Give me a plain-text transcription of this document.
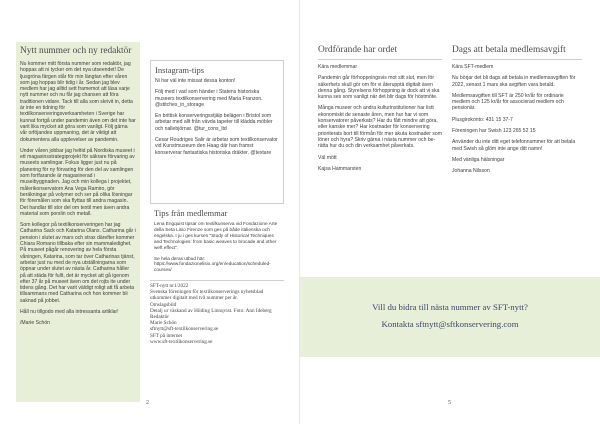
Nytt nummer och ny redaktör

Nu kommer mitt första nummer som redaktör, jag hoppas att ni tycker om det nya utseendet! De ljusgröna färgen står för min längtan efter våren som jag hoppas blir tidig i år. Sedan jag blev medlem har jag alltid sett framemot att läsa varje nytt nummer och nu får jag chansen att föra traditionen vidare. Tack till alla som skrivit in, detta är inte en tidning för textilkonserveringsverksamheten i Sverige har kunnat fortgå under pandemin även om det inte har varit lika mycket att göra som vanligt. Följ gärna vår orföjandes uppmaning, det är viktigt att dokumentera alla upplevelser av pandemin.

Under våren jobbar jag heltid på Nordiska museet i ett magasinsstrategiprojekt för säkrare förvaring av museets samlingar. Fokus ligger just nu på planering för ny förvaring för den del av samlingen som fortfarande är magasinerad i museibyggnaden. Jag och min kollega i projektet, målerikonservatorn Ana Vega Ramiro, gör beräkningar på volymer och ser på olika lösningar för föremålen som ska flyttas till andra magasin. Det handlar till stor del om textil men även andra material som porslin och metall.

Som kollegor på textilkonserveringen har jag Catharina Sack och Katarina Olans. Catharina går i pension i slutet av mars och strax därefter kommer Chiara Romano tillbaka efter sin mammaledighet. På museet pågår renovering av hela första våningen, Katarina, som tar över Catharinas tjänst, arbetar just nu med de nya utställningarna som öppnar under slutet av nästa år. Catharina håller på att städa för fullt, det är mycket att gå igenom efter 37 år på museet även om det rojts ite under tidens gång. Det har varit väldigt roligt att få arbeta tillsammans med Catharina och hon kommer bli saknad på jobbet.

Håll nu tillgodo med alla intressanta artiklar!

/Marie Schön

Instagram-tips

Ni har väl inte missat dessa konton!

Följ med i vad som händer i Statens historiska museers textilkonservering med Maria Franzon. @stitches_in_storage

En brittisk konserveringsstjälp belägen i Bristol som arbetar med allt från vävda tapeter till klädda möbler och nallebjörnar. @tur_cons_ltd

Cesar Roudriges Salir är arbetar som textilkonservator vid Kunstmuseum den Haag där han framst konserverar fantastiska historiska dräkter. @textare

Tips från medlemmar

Lena Engquist tipsar om textilkunserva vid Fondazione Arte della Seta Lisio Firenze som ges på både italienska och engelska. I ju i ges kursen "Study of Historical Techniques and Technologies: from basic weaves to brocade and other weft effect".

Se hela deras utbud här: https://www.fondazionelisio.org/en/education/scheduled-courses/

SFT-nytt nr1/2022
Svenska föreningen för textilkonserverings nyhetsblad utkommer digitalt med två nummer per år.
Omslagsbild
Detalj ur väskand av Hilding Linnqvist. Foto: Ann Ideberg
Redaktör
Marie Schön
sftnytt@sft-textilkonservering.se
SFT på internet
www.sft-textilkonservering.se
2
Ordförande har ordet

Kära medlemmar

Pandemin går förhoppningsvis mot sitt slut, men för säkerhets skull gör om för vi återupptä digitalt även denna gång. Styrelsens förhoppning är dock att vi ska kunna ses som vanligt när det blir dags för höstmöte.

Många museer och andra kulturinstitutioner har listt ekonomiskt de senaste åren, men hur har vi som konservatorer påverkats? Har du fått mindre att göra, eller kanske mer? Har kostnader för konservering prioriterats bort till förmån för mer akuta kostnader som löner och hyra? Skriv gärna i nästa nummer och berätta hur du och din verksamhet påverkats.

Väl mött

Kajsa Hammarsten

Dags att betala medlemsavgift

Kära SFT-medlem

Nu börjar det bli dags att betala in medlemsavgiften för 2022, senast 1 mars ska avgiften vara betald.

Medlemsavgiften till SFT är 250 kr/år för ordinarie medlem och 125 kr/år för associerad medlem och pensionär.

Plusgirokonto: 431 15 37-7

Föreningen har Swish 123 265 52 15

Använder du inte ditt eget telefonnummer för att betala med Swish så glöm inte ange ditt namn!

Med vänliga hälsningar

Johanna Nilsson

Vill du bidra till nästa nummer av SFT-nytt?
Kontakta sftnytt@sftkonservering.com
5
